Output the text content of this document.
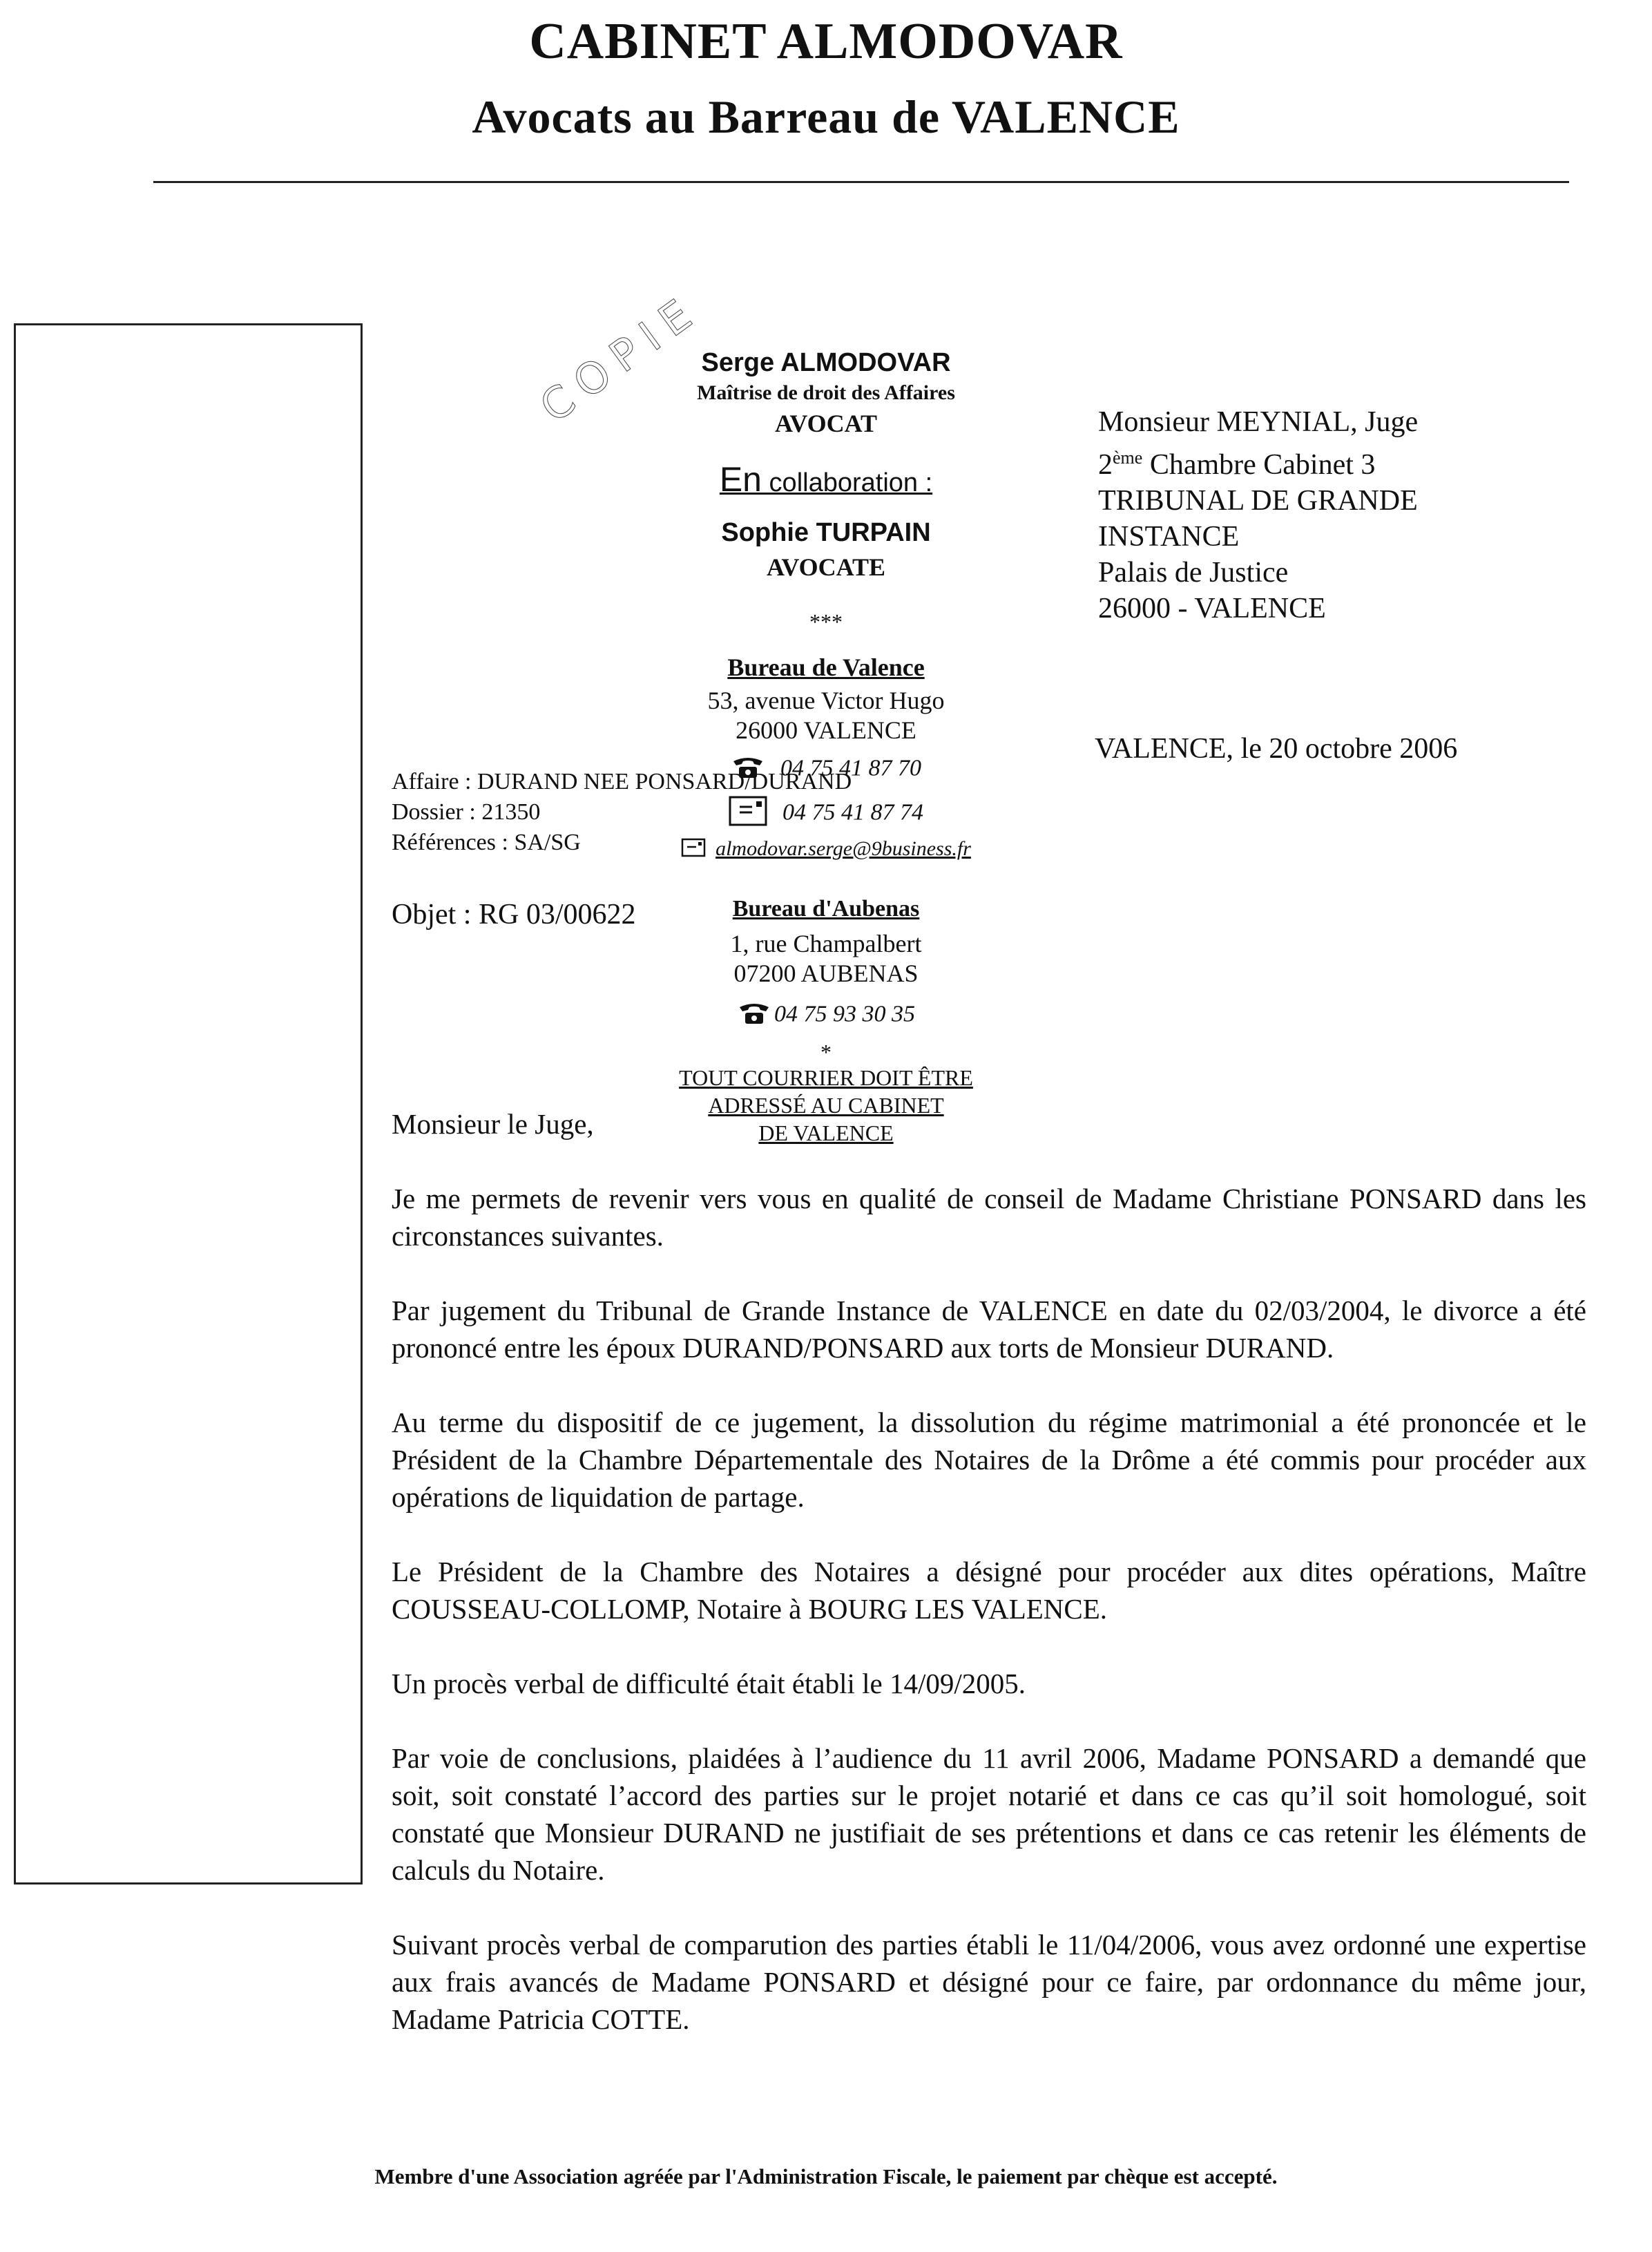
CABINET ALMODOVAR
Avocats au Barreau de VALENCE
Serge ALMODOVAR
Maîtrise de droit des Affaires
AVOCAT
En collaboration :
Sophie TURPAIN
AVOCATE
***
Bureau de Valence
53, avenue Victor Hugo
26000 VALENCE
04 75 41 87 70
04 75 41 87 74
almodovar.serge@9business.fr
Bureau d'Aubenas
1, rue Champalbert
07200 AUBENAS
04 75 93 30 35
*
TOUT COURRIER DOIT ÊTRE
ADRESSÉ AU CABINET
DE VALENCE
COPIE	Monsieur MEYNIAL, Juge
2ème Chambre Cabinet 3
TRIBUNAL DE GRANDE
INSTANCE
Palais de Justice
26000 - VALENCE
VALENCE, le 20 octobre 2006
Affaire : DURAND NEE PONSARD/DURAND
Dossier : 21350
Références : SA/SG
Objet : RG 03/00622

Monsieur le Juge,

Je me permets de revenir vers vous en qualité de conseil de Madame Christiane PONSARD dans les circonstances suivantes.

Par jugement du Tribunal de Grande Instance de VALENCE en date du 02/03/2004, le divorce a été prononcé entre les époux DURAND/PONSARD aux torts de Monsieur DURAND.

Au terme du dispositif de ce jugement, la dissolution du régime matrimonial a été prononcée et le Président de la Chambre Départementale des Notaires de la Drôme a été commis pour procéder aux opérations de liquidation de partage.

Le Président de la Chambre des Notaires a désigné pour procéder aux dites opérations, Maître COUSSEAU-COLLOMP, Notaire à BOURG LES VALENCE.

Un procès verbal de difficulté était établi le 14/09/2005.

Par voie de conclusions, plaidées à l’audience du 11 avril 2006, Madame PONSARD a demandé que soit, soit constaté l’accord des parties sur le projet notarié et dans ce cas qu’il soit homologué, soit constaté que Monsieur DURAND ne justifiait de ses prétentions et dans ce cas retenir les éléments de calculs du Notaire.

Suivant procès verbal de comparution des parties établi le 11/04/2006, vous avez ordonné une expertise aux frais avancés de Madame PONSARD et désigné pour ce faire, par ordonnance du même jour, Madame Patricia COTTE.

Membre d'une Association agréée par l'Administration Fiscale, le paiement par chèque est accepté.
